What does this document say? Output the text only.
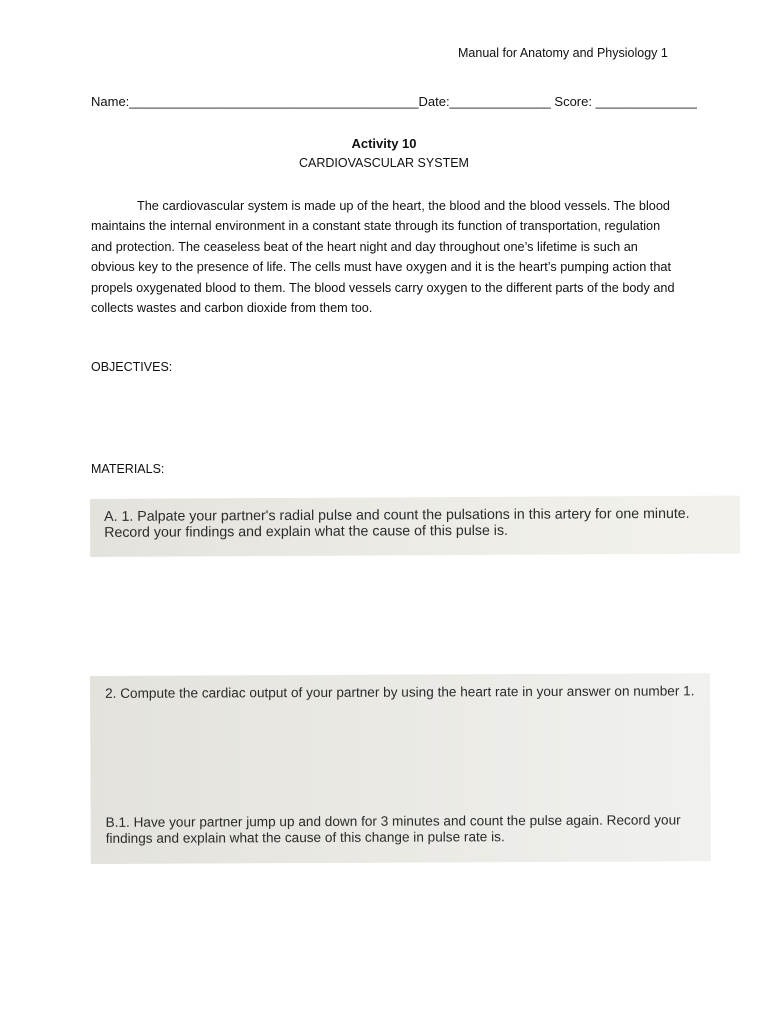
Manual for Anatomy and Physiology 1
Name:________________________________________Date:______________ Score: ______________
Activity 10
CARDIOVASCULAR SYSTEM

The cardiovascular system is made up of the heart, the blood and the blood vessels. The blood maintains the internal environment in a constant state through its function of transportation, regulation and protection. The ceaseless beat of the heart night and day throughout one’s lifetime is such an obvious key to the presence of life. The cells must have oxygen and it is the heart’s pumping action that propels oxygenated blood to them. The blood vessels carry oxygen to the different parts of the body and collects wastes and carbon dioxide from them too.

OBJECTIVES:
MATERIALS:
A. 1. Palpate your partner's radial pulse and count the pulsations in this artery for one minute. Record your findings and explain what the cause of this pulse is.
2. Compute the cardiac output of your partner by using the heart rate in your answer on number 1.
B.1. Have your partner jump up and down for 3 minutes and count the pulse again. Record your findings and explain what the cause of this change in pulse rate is.
